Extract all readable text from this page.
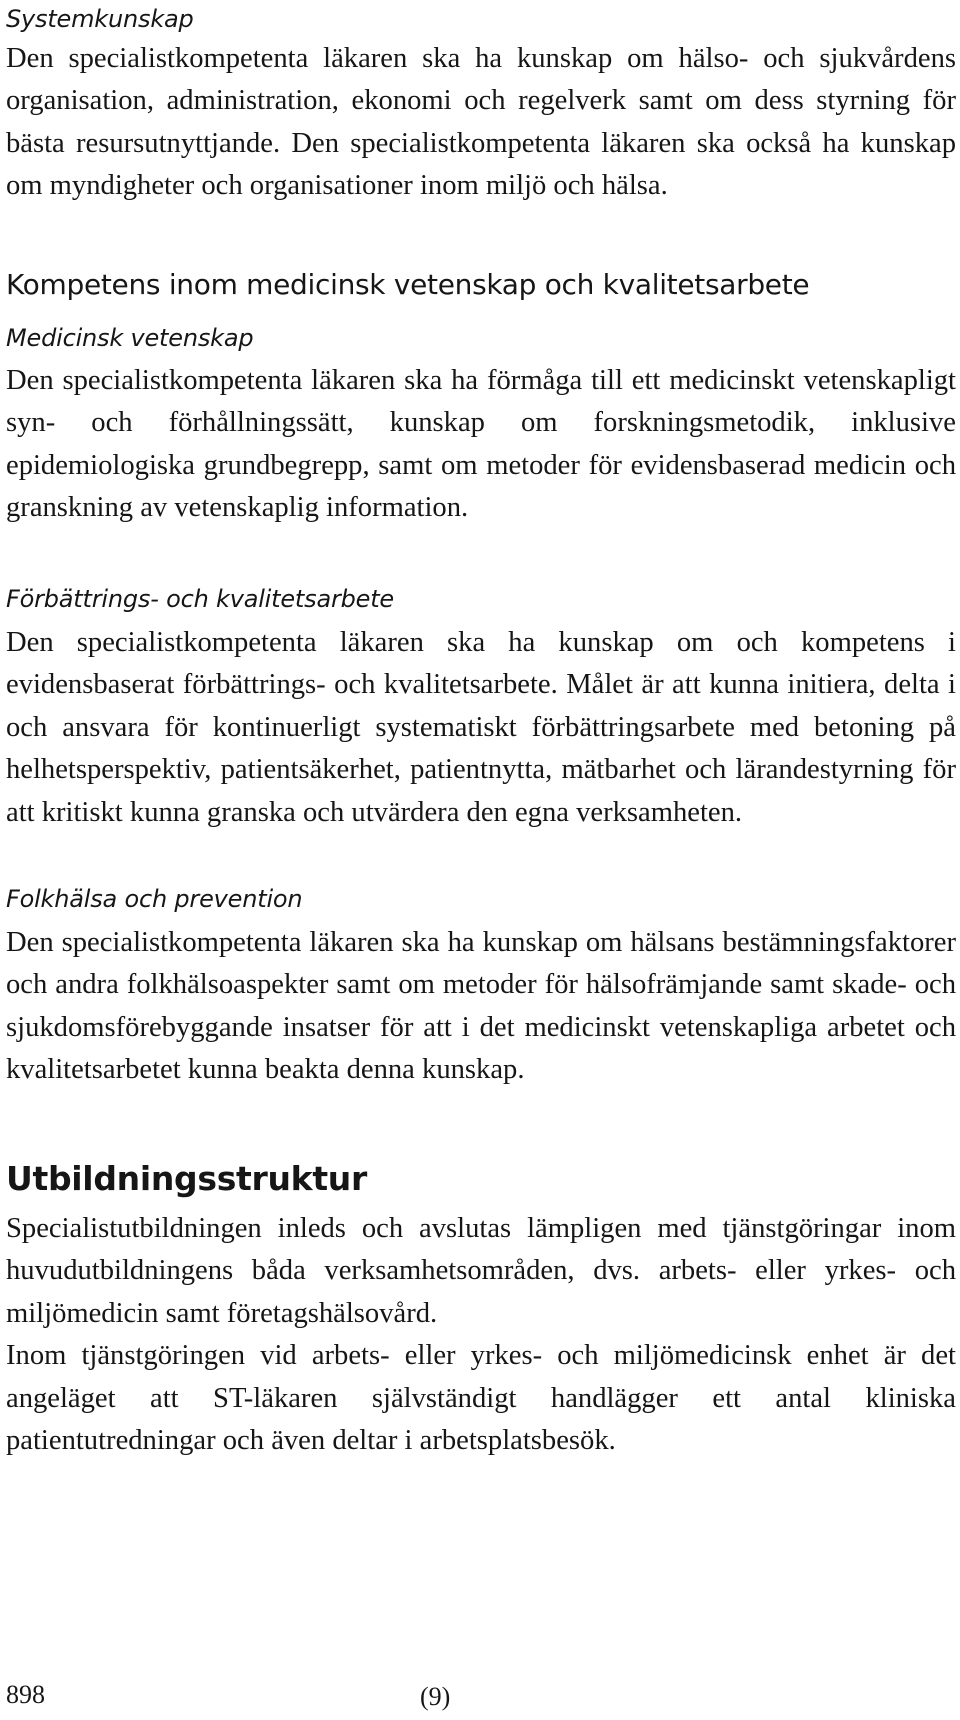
Systemkunskap

Den specialistkompetenta läkaren ska ha kunskap om hälso- och sjukvårdens organisation, administration, ekonomi och regelverk samt om dess styrning för bästa resursutnyttjande. Den specialistkompetenta läkaren ska också ha kunskap om myndigheter och organisationer inom miljö och hälsa.

Kompetens inom medicinsk vetenskap och kvalitetsarbete

Medicinsk vetenskap

Den specialistkompetenta läkaren ska ha förmåga till ett medicinskt vetenskapligt syn- och förhållningssätt, kunskap om forskningsmetodik, inklusive epidemiologiska grundbegrepp, samt om metoder för evidensbaserad medicin och granskning av vetenskaplig information.

Förbättrings- och kvalitetsarbete

Den specialistkompetenta läkaren ska ha kunskap om och kompetens i evidensbaserat förbättrings- och kvalitetsarbete. Målet är att kunna initiera, delta i och ansvara för kontinuerligt systematiskt förbättringsarbete med betoning på helhetsperspektiv, patientsäkerhet, patientnytta, mätbarhet och lärandestyrning för att kritiskt kunna granska och utvärdera den egna verksamheten.

Folkhälsa och prevention

Den specialistkompetenta läkaren ska ha kunskap om hälsans bestämningsfaktorer och andra folkhälsoaspekter samt om metoder för hälsofrämjande samt skade- och sjukdomsförebyggande insatser för att i det medicinskt vetenskapliga arbetet och kvalitetsarbetet kunna beakta denna kunskap.

Utbildningsstruktur

Specialistutbildningen inleds och avslutas lämpligen med tjänstgöringar inom huvudutbildningens båda verksamhetsområden, dvs. arbets- eller yrkes- och miljömedicin samt företagshälsovård.

Inom tjänstgöringen vid arbets- eller yrkes- och miljömedicinsk enhet är det angeläget att ST-läkaren självständigt handlägger ett antal kliniska patientutredningar och även deltar i arbetsplatsbesök.

898	(9)
